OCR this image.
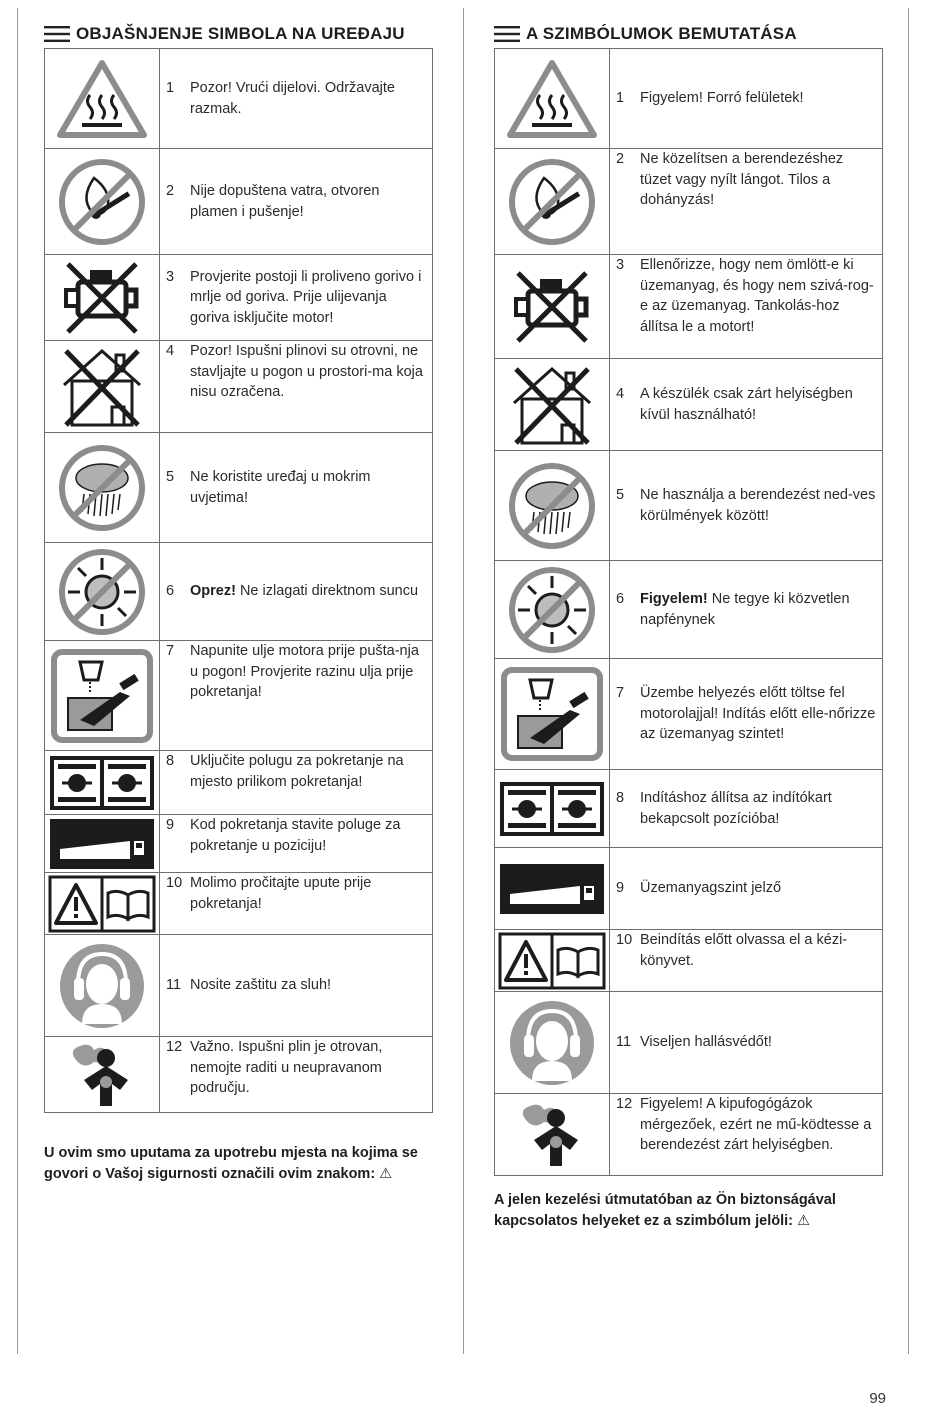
OBJAŠNJENJE SIMBOLA NA UREĐAJU

1 Pozor! Vrući dijelovi. Održavajte razmak.

2 Nije dopuštena vatra, otvoren plamen i pušenje!

3 Provjerite postoji li proliveno gorivo i mrlje od goriva. Prije ulijevanja goriva isključite motor!

4 Pozor! Ispušni plinovi su otrovni, ne stavljajte u pogon u prostori-ma koja nisu ozračena.

5 Ne koristite uređaj u mokrim uvjetima!

6 Oprez! Ne izlagati direktnom suncu

7 Napunite ulje motora prije pušta-nja u pogon! Provjerite razinu ulja prije pokretanja!

8 Uključite polugu za pokretanje na mjesto prilikom pokretanja!

9 Kod pokretanja stavite poluge za pokretanje u poziciju!

10 Molimo pročitajte upute prije pokretanja!

11 Nosite zaštitu za sluh!

12 Važno. Ispušni plin je otrovan, nemojte raditi u neupravanom području.
U ovim smo uputama za upotrebu mjesta na kojima se govori o Vašoj sigurnosti označili ovim znakom: ⚠
A SZIMBÓLUMOK BEMUTATÁSA

1 Figyelem! Forró felületek!

2 Ne közelítsen a berendezéshez tüzet vagy nyílt lángot. Tilos a dohányzás!

3 Ellenőrizze, hogy nem ömlött-e ki üzemanyag, és hogy nem szivá-rog-e az üzemanyag. Tankolás-hoz állítsa le a motort!

4 A készülék csak zárt helyiségben kívül használható!

5 Ne használja a berendezést ned-ves körülmények között!

6 Figyelem! Ne tegye ki közvetlen napfénynek

7 Üzembe helyezés előtt töltse fel motorolajjal! Indítás előtt elle-nőrizze az üzemanyag szintet!

8 Indításhoz állítsa az indítókart bekapcsolt pozícióba!

9 Üzemanyagszint jelző

10 Beindítás előtt olvassa el a kézi-könyvet.

11 Viseljen hallásvédőt!

12 Figyelem! A kipufogógázok mérgezőek, ezért ne mű-ködtesse a berendezést zárt helyiségben.
A jelen kezelési útmutatóban az Ön biztonságával kapcsolatos helyeket ez a szimbólum jelöli: ⚠
99
